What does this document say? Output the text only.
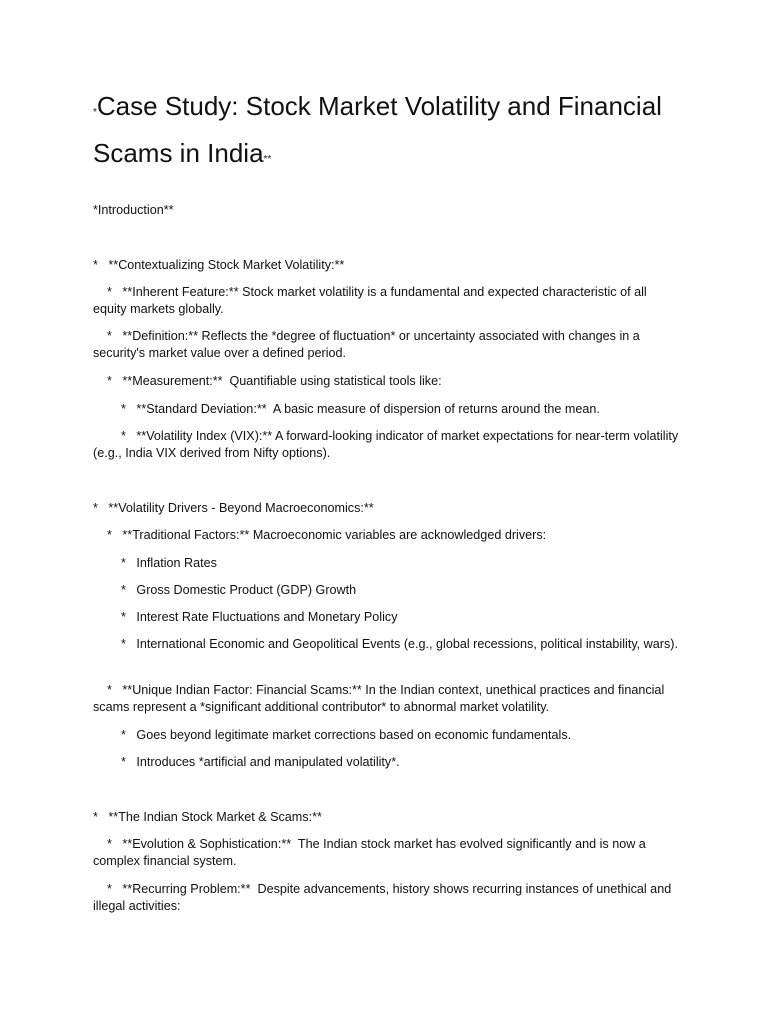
*Case Study: Stock Market Volatility and Financial Scams in India**

*Introduction**

*   **Contextualizing Stock Market Volatility:**

*   **Inherent Feature:** Stock market volatility is a fundamental and expected characteristic of all equity markets globally.

*   **Definition:** Reflects the *degree of fluctuation* or uncertainty associated with changes in a security's market value over a defined period.

*   **Measurement:**  Quantifiable using statistical tools like:

*   **Standard Deviation:**  A basic measure of dispersion of returns around the mean.

*   **Volatility Index (VIX):** A forward-looking indicator of market expectations for near-term volatility (e.g., India VIX derived from Nifty options).

*   **Volatility Drivers - Beyond Macroeconomics:**

*   **Traditional Factors:** Macroeconomic variables are acknowledged drivers:

*   Inflation Rates

*   Gross Domestic Product (GDP) Growth

*   Interest Rate Fluctuations and Monetary Policy

*   International Economic and Geopolitical Events (e.g., global recessions, political instability, wars).

*   **Unique Indian Factor: Financial Scams:** In the Indian context, unethical practices and financial scams represent a *significant additional contributor* to abnormal market volatility.

*   Goes beyond legitimate market corrections based on economic fundamentals.

*   Introduces *artificial and manipulated volatility*.

*   **The Indian Stock Market & Scams:**

*   **Evolution & Sophistication:**  The Indian stock market has evolved significantly and is now a complex financial system.

*   **Recurring Problem:**  Despite advancements, history shows recurring instances of unethical and illegal activities:
